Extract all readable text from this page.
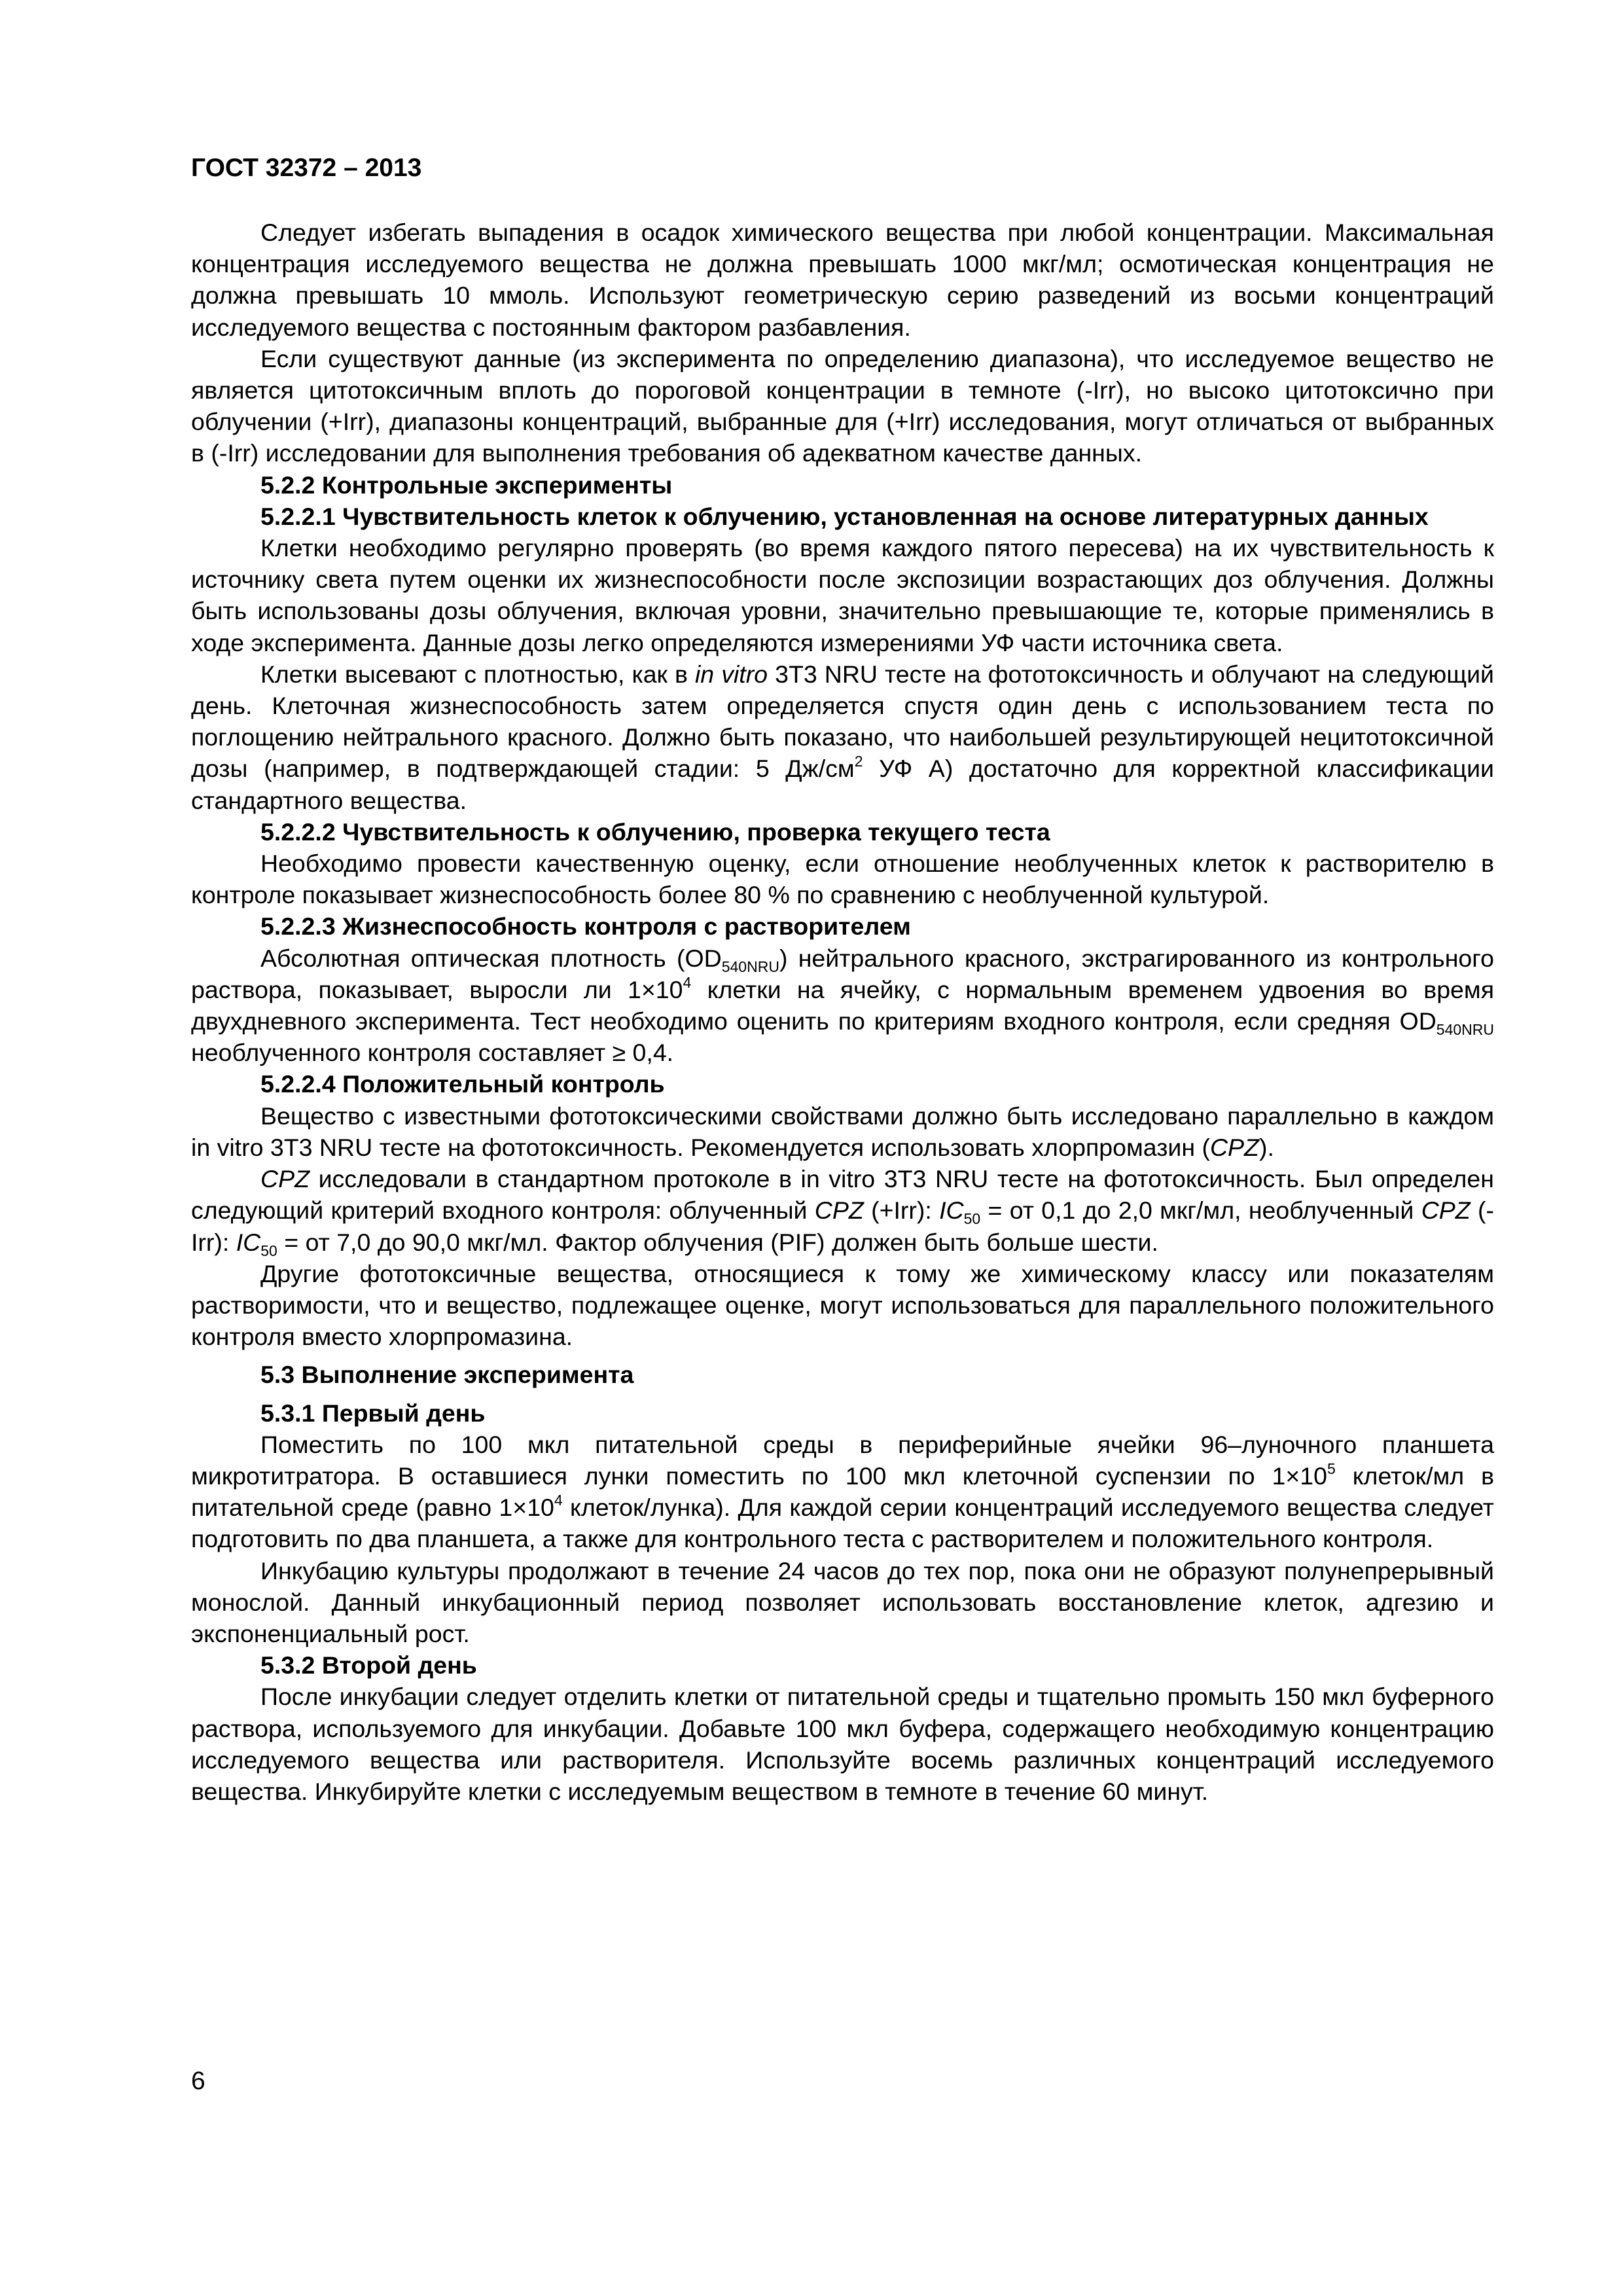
ГОСТ 32372 – 2013

Следует избегать выпадения в осадок химического вещества при любой концентрации. Максимальная концентрация исследуемого вещества не должна превышать 1000 мкг/мл; осмотическая концентрация не должна превышать 10 ммоль. Используют геометрическую серию разведений из восьми концентраций исследуемого вещества с постоянным фактором разбавления.

Если существуют данные (из эксперимента по определению диапазона), что исследуемое вещество не является цитотоксичным вплоть до пороговой концентрации в темноте (-Irr), но высоко цитотоксично при облучении (+Irr), диапазоны концентраций, выбранные для (+Irr) исследования, могут отличаться от выбранных в (-Irr) исследовании для выполнения требования об адекватном качестве данных.

5.2.2 Контрольные эксперименты

5.2.2.1 Чувствительность клеток к облучению, установленная на основе литературных данных

Клетки необходимо регулярно проверять (во время каждого пятого пересева) на их чувствительность к источнику света путем оценки их жизнеспособности после экспозиции возрастающих доз облучения. Должны быть использованы дозы облучения, включая уровни, значительно превышающие те, которые применялись в ходе эксперимента. Данные дозы легко определяются измерениями УФ части источника света.

Клетки высевают с плотностью, как в in vitro 3Т3 NRU тесте на фототоксичность и облучают на следующий день. Клеточная жизнеспособность затем определяется спустя один день с использованием теста по поглощению нейтрального красного. Должно быть показано, что наибольшей результирующей нецитотоксичной дозы (например, в подтверждающей стадии: 5 $Дж/см^2$ УФ А) достаточно для корректной классификации стандартного вещества.

5.2.2.2 Чувствительность к облучению, проверка текущего теста

Необходимо провести качественную оценку, если отношение необлученных клеток к растворителю в контроле показывает жизнеспособность более 80 % по сравнению с необлученной культурой.

5.2.2.3 Жизнеспособность контроля с растворителем

Абсолютная оптическая плотность $(OD_{540NRU})$ нейтрального красного, экстрагированного из контрольного раствора, показывает, выросли ли $1\times 10^4$ клетки на ячейку, с нормальным временем удвоения во время двухдневного эксперимента. Тест необходимо оценить по критериям входного контроля, если средняя $OD_{540NRU}$ необлученного контроля составляет ≥ 0,4.

5.2.2.4 Положительный контроль

Вещество с известными фототоксическими свойствами должно быть исследовано параллельно в каждом in vitro 3Т3 NRU тесте на фототоксичность. Рекомендуется использовать хлорпромазин (CPZ).

CPZ исследовали в стандартном протоколе в in vitro 3Т3 NRU тесте на фототоксичность. Был определен следующий критерий входного контроля: облученный CPZ (+Irr): $IC_{50}$ = от 0,1 до 2,0 мкг/мл, необлученный CPZ (-Irr): $IC_{50}$ = от 7,0 до 90,0 мкг/мл. Фактор облучения (PIF) должен быть больше шести.

Другие фототоксичные вещества, относящиеся к тому же химическому классу или показателям растворимости, что и вещество, подлежащее оценке, могут использоваться для параллельного положительного контроля вместо хлорпромазина.

5.3 Выполнение эксперимента

5.3.1 Первый день

Поместить по 100 мкл питательной среды в периферийные ячейки 96–луночного планшета микротитратора. В оставшиеся лунки поместить по 100 мкл клеточной суспензии по $1\times 10^5$ клеток/мл в питательной среде (равно $1\times 10^4$ клеток/лунка). Для каждой серии концентраций исследуемого вещества следует подготовить по два планшета, а также для контрольного теста с растворителем и положительного контроля.

Инкубацию культуры продолжают в течение 24 часов до тех пор, пока они не образуют полунепрерывный монослой. Данный инкубационный период позволяет использовать восстановление клеток, адгезию и экспоненциальный рост.

5.3.2 Второй день

После инкубации следует отделить клетки от питательной среды и тщательно промыть 150 мкл буферного раствора, используемого для инкубации. Добавьте 100 мкл буфера, содержащего необходимую концентрацию исследуемого вещества или растворителя. Используйте восемь различных концентраций исследуемого вещества. Инкубируйте клетки с исследуемым веществом в темноте в течение 60 минут.

6
